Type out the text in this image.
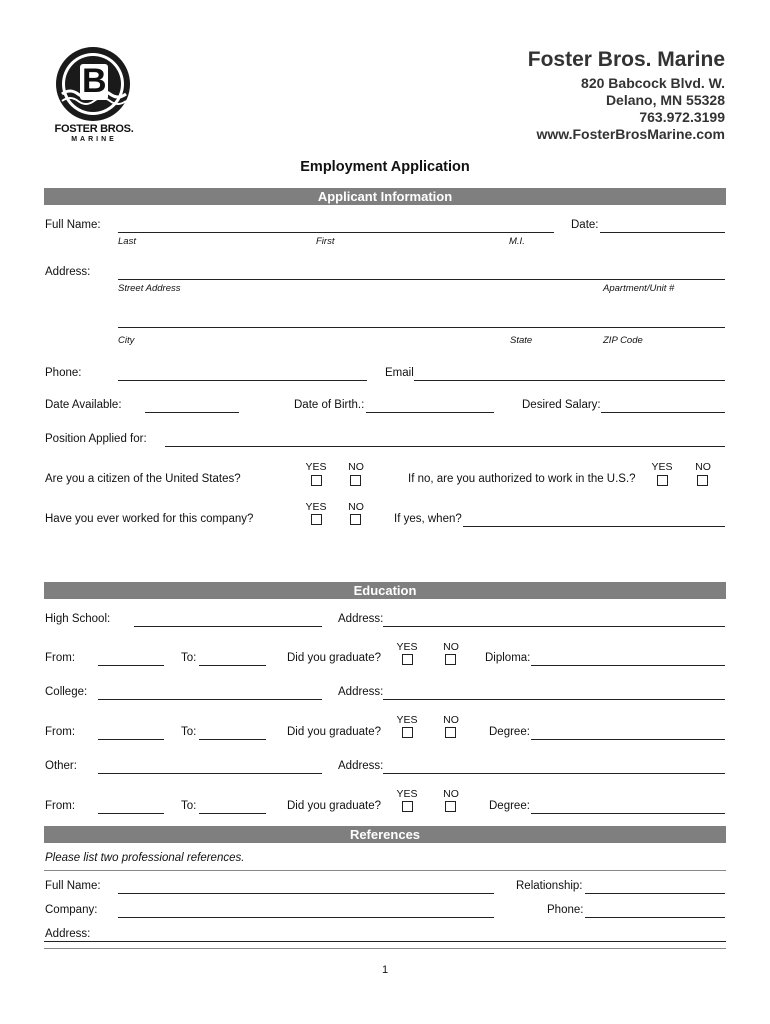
B
FOSTER BROS.
MARINE
Foster Bros. Marine
820 Babcock Blvd. W.
Delano, MN 55328
763.972.3199
www.FosterBrosMarine.com
Employment Application
Applicant Information
Full Name:
Last	First	M.I.
Date:
Address:
Street Address	Apartment/Unit #
City	State	ZIP Code
Phone:	Email
Date Available:	Date of Birth.:	Desired Salary:
Position Applied for:
YES	NO
Are you a citizen of the United States?
YES	NO
If no, are you authorized to work in the U.S.?
YES	NO
Have you ever worked for this company?	If yes, when?
Education
High School:	Address:
YES	NO
From:	To:	Did you graduate?	Diploma:
College:	Address:
YES	NO
From:	To:	Did you graduate?	Degree:
Other:	Address:
YES	NO
From:	To:	Did you graduate?	Degree:
References
Please list two professional references.
Full Name:	Relationship:
Company:	Phone:
Address:
1
